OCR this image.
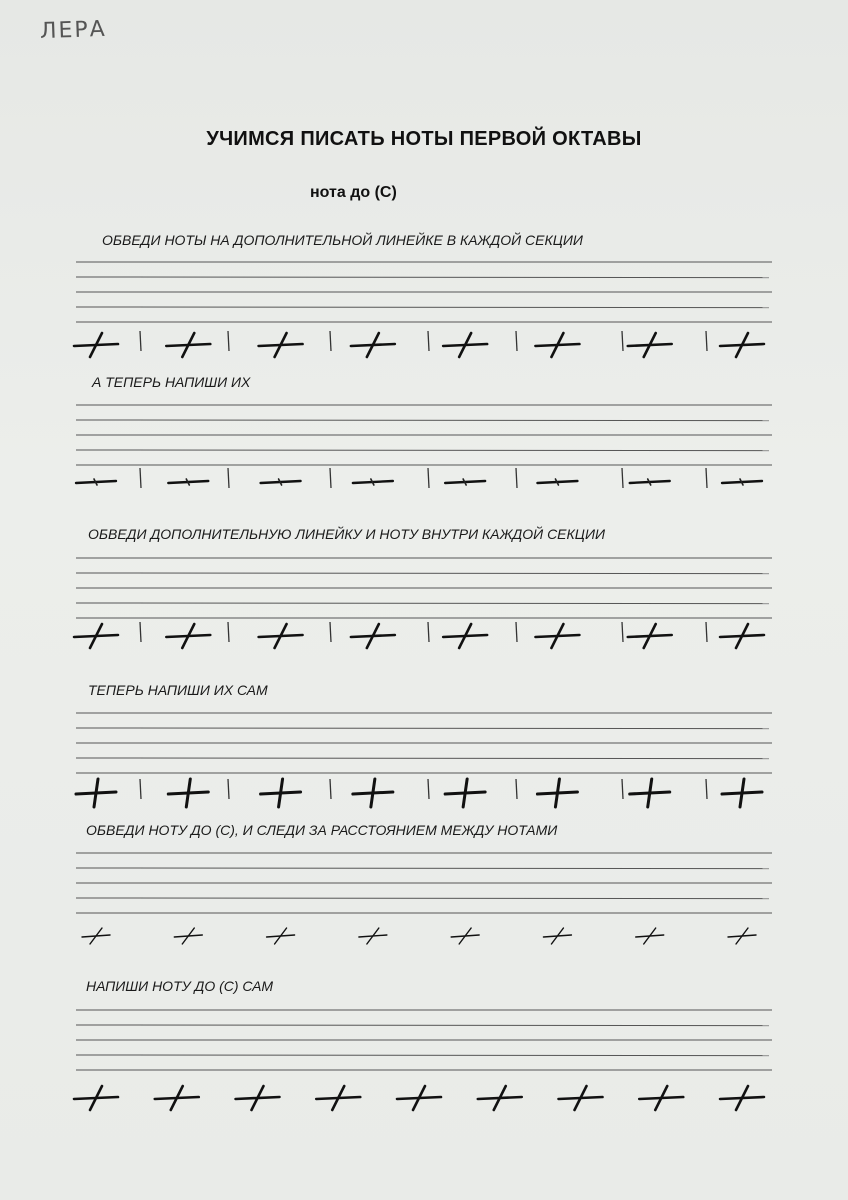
ЛЕРА
УЧИМСЯ ПИСАТЬ НОТЫ ПЕРВОЙ ОКТАВЫ
нота до (С)
ОБВЕДИ НОТЫ НА ДОПОЛНИТЕЛЬНОЙ ЛИНЕЙКЕ В КАЖДОЙ СЕКЦИИ
А ТЕПЕРЬ НАПИШИ ИХ
ОБВЕДИ ДОПОЛНИТЕЛЬНУЮ ЛИНЕЙКУ И НОТУ ВНУТРИ КАЖДОЙ СЕКЦИИ
ТЕПЕРЬ НАПИШИ ИХ САМ
ОБВЕДИ НОТУ ДО (С), И СЛЕДИ ЗА РАССТОЯНИЕМ МЕЖДУ НОТАМИ
НАПИШИ НОТУ ДО (С) САМ
